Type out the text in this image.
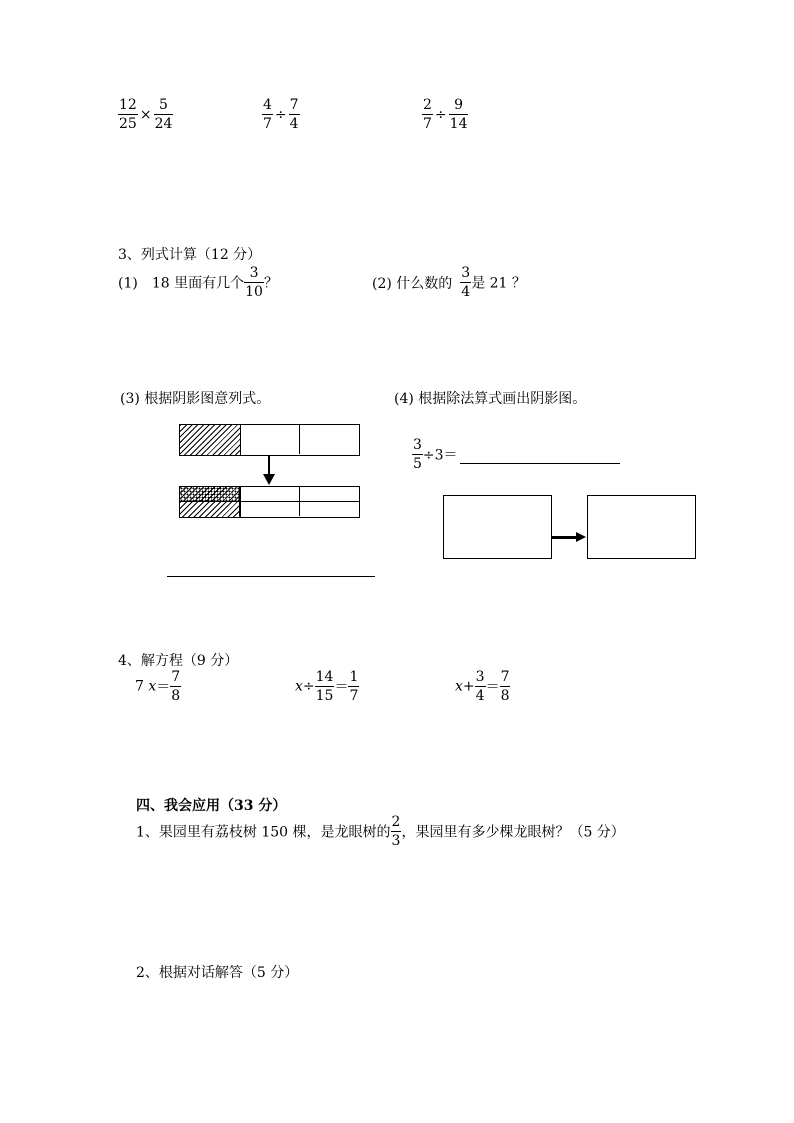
$\frac{12}{25} \times \frac{5}{24}$	$\frac{4}{7} \div \frac{7}{4}$	$\frac{2}{7} \div \frac{9}{14}$
3、列式计算（12 分）
(1)　18 里面有几个 $\frac{3}{10}$ ？	(2) 什么数的 $\frac{3}{4}$ 是 21 ？
(3) 根据阴影图意列式。	(4) 根据除法算式画出阴影图。
$\frac{3}{5} \div 3=$
4、解方程（9 分）
7 $x= \frac{7}{8}$	$x\div \frac{14}{15} = \frac{1}{7}$	$x+ \frac{3}{4} = \frac{7}{8}$
四、我会应用（33 分）
1、果园里有荔枝树 150 棵，是龙眼树的 $\frac{2}{3}$ ，果园里有多少棵龙眼树？（5 分）
2、根据对话解答（5 分）
